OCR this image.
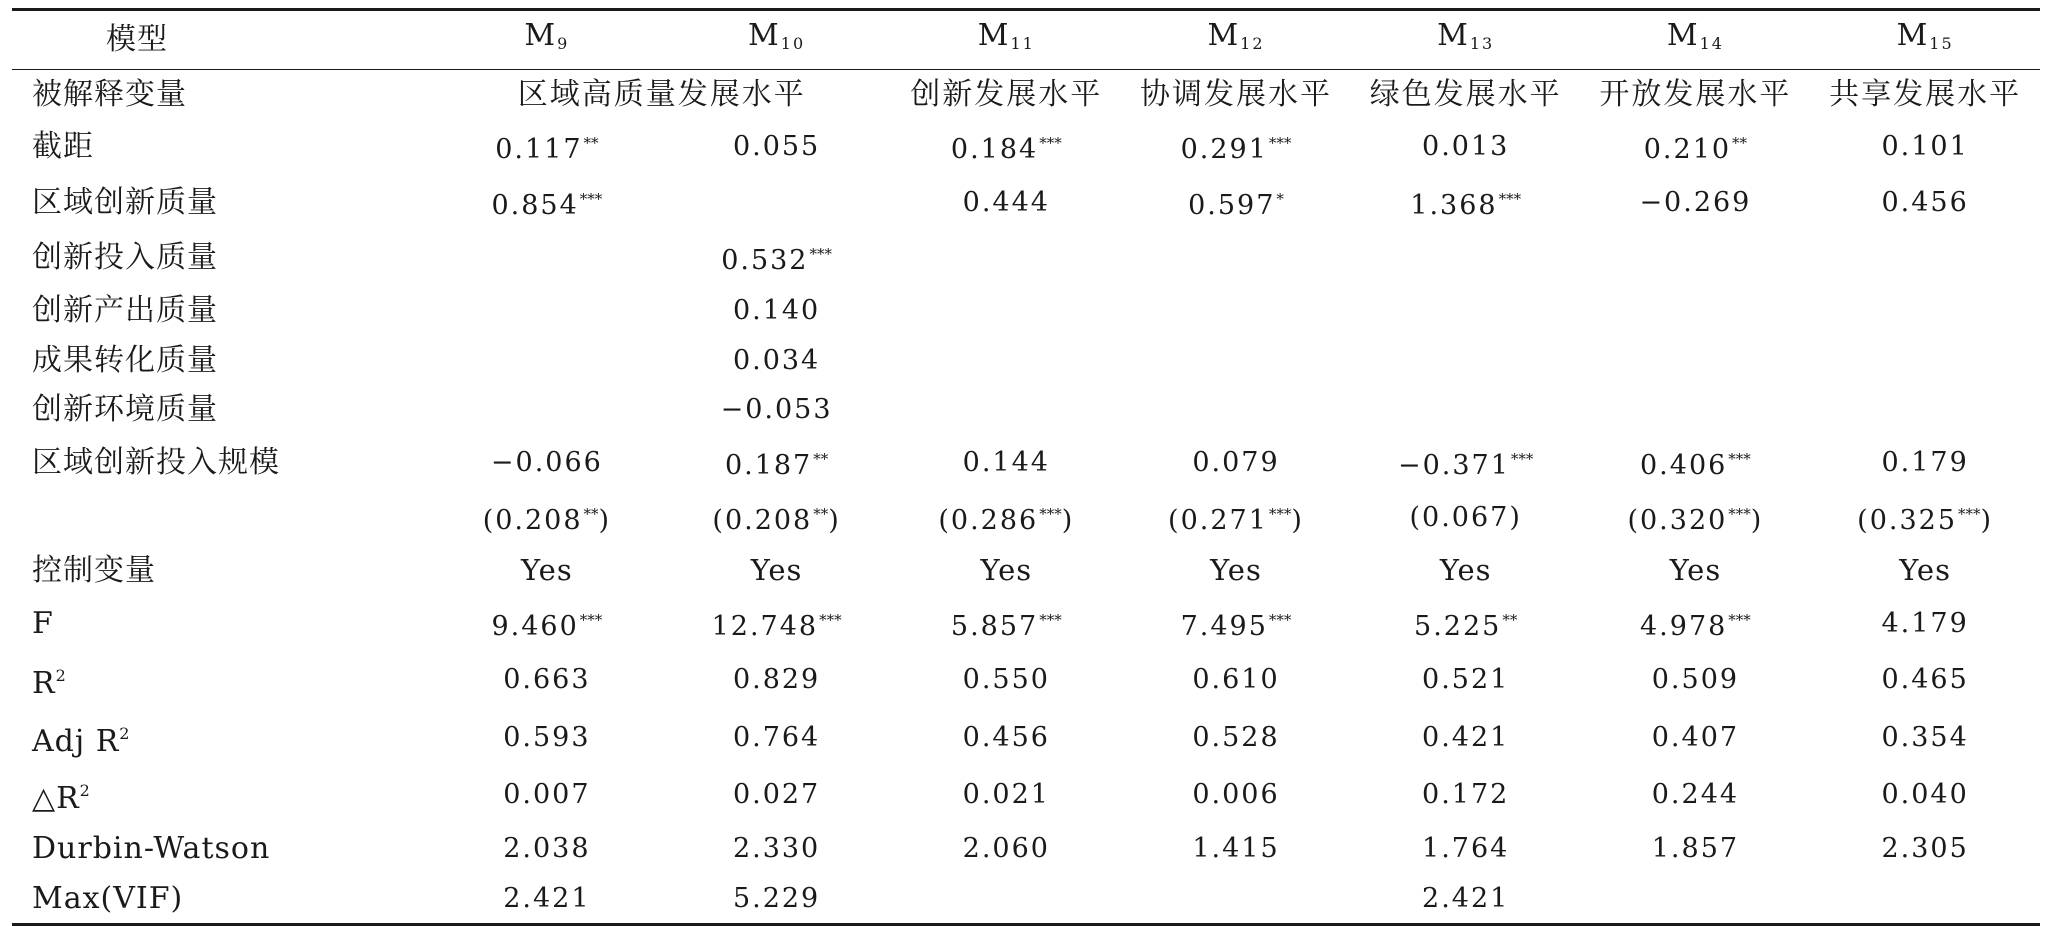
模型	$M_9$	$M_{10}$	$M_{11}$	$M_{12}$	$M_{13}$	$M_{14}$	$M_{15}$
被解释变量	区域高质量发展水平		创新发展水平	协调发展水平	绿色发展水平	开放发展水平	共享发展水平
截距	0.117**	0.055	0.184***	0.291***	0.013	0.210**	0.101
区域创新质量	0.854***		0.444	0.597*	1.368***	−0.269	0.456
创新投入质量		0.532***					
创新产出质量		0.140					
成果转化质量		0.034					
创新环境质量		−0.053					
区域创新投入规模	−0.066	0.187**	0.144	0.079	−0.371***	0.406***	0.179
	(0.208**)	(0.208**)	(0.286***)	(0.271***)	(0.067)	(0.320***)	(0.325***)
控制变量	Yes	Yes	Yes	Yes	Yes	Yes	Yes
F	9.460***	12.748***	5.857***	7.495***	5.225**	4.978***	4.179
$R^2$	0.663	0.829	0.550	0.610	0.521	0.509	0.465
Adj $R^2$	0.593	0.764	0.456	0.528	0.421	0.407	0.354
$\triangle R^2$	0.007	0.027	0.021	0.006	0.172	0.244	0.040
Durbin-Watson	2.038	2.330	2.060	1.415	1.764	1.857	2.305
Max(VIF)	2.421	5.229			2.421		
